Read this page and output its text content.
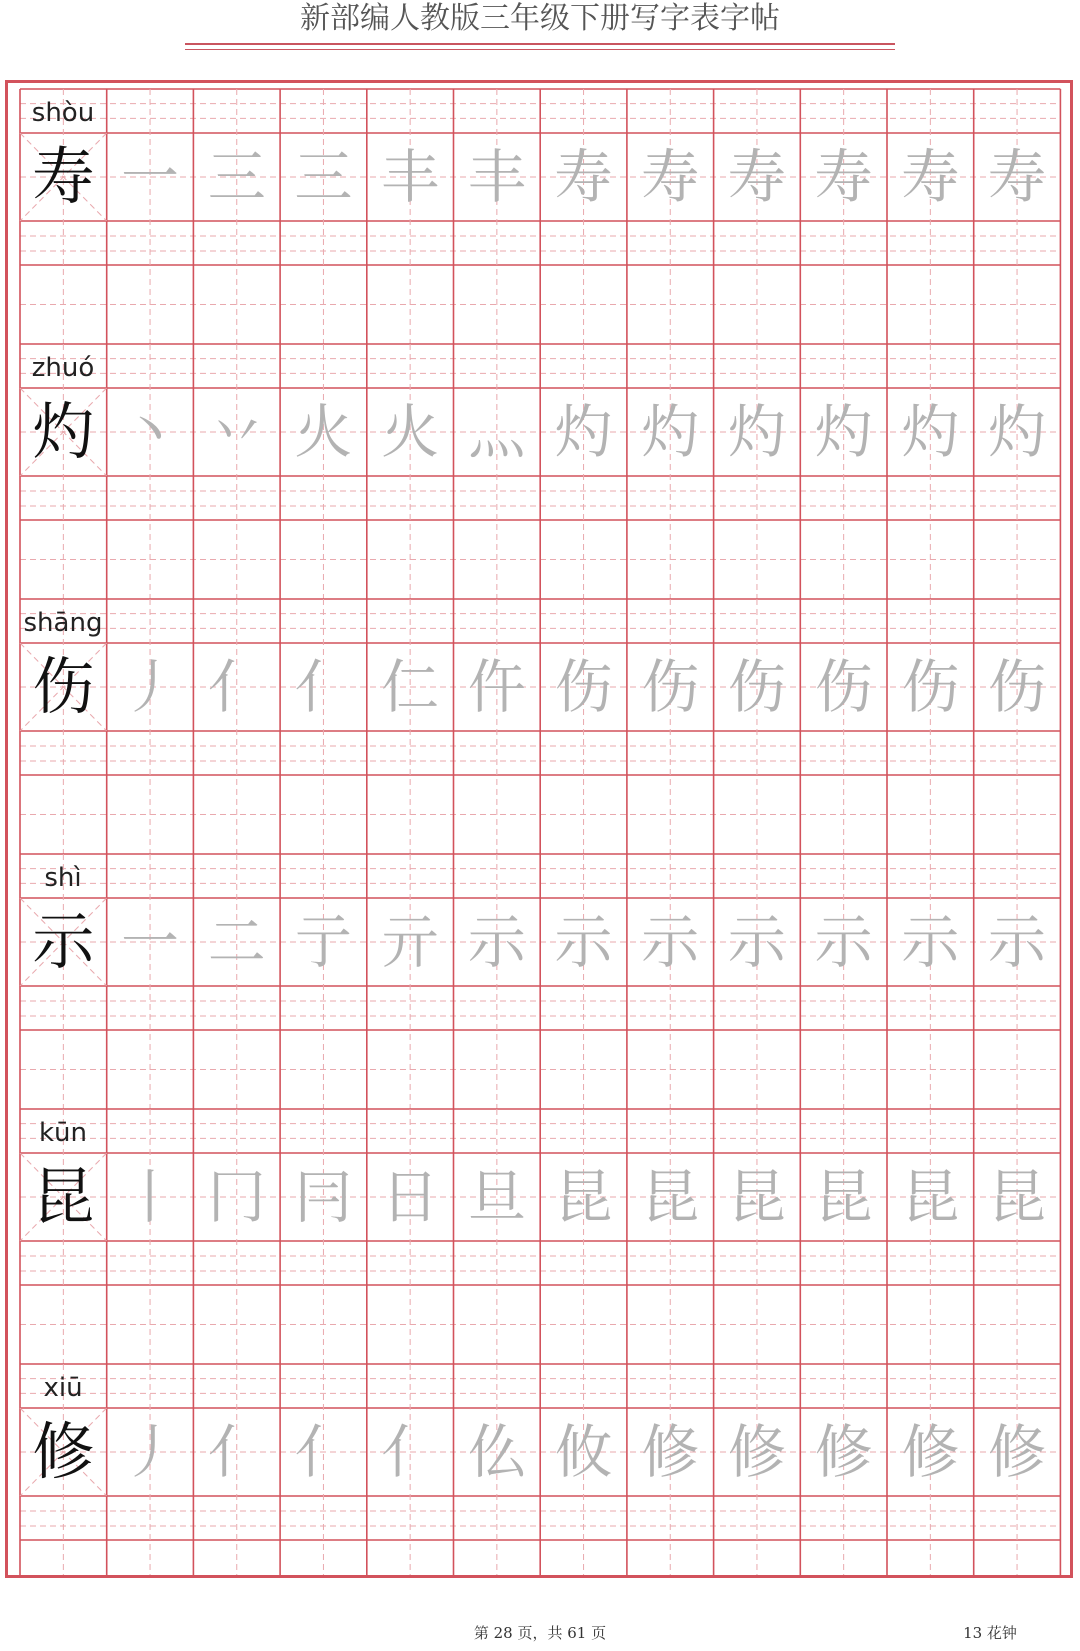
新部编人教版三年级下册写字表字帖
shòu
寿 一 三 三 丰 丰 寿 寿 寿 寿 寿 寿
zhuó
灼 丶 丷 火 火 灬 灼 灼 灼 灼 灼 灼
shāng
伤 丿 亻 亻 仁 仵 伤 伤 伤 伤 伤 伤
shì
示 一 二 亍 亓 示 示 示 示 示 示 示
kūn
昆 丨 冂 冃 日 旦 昆 昆 昆 昆 昆 昆
xiū
修 丿 亻 亻 亻 仫 攸 修 修 修 修 修
第 28 页，共 61 页	13 花钟
